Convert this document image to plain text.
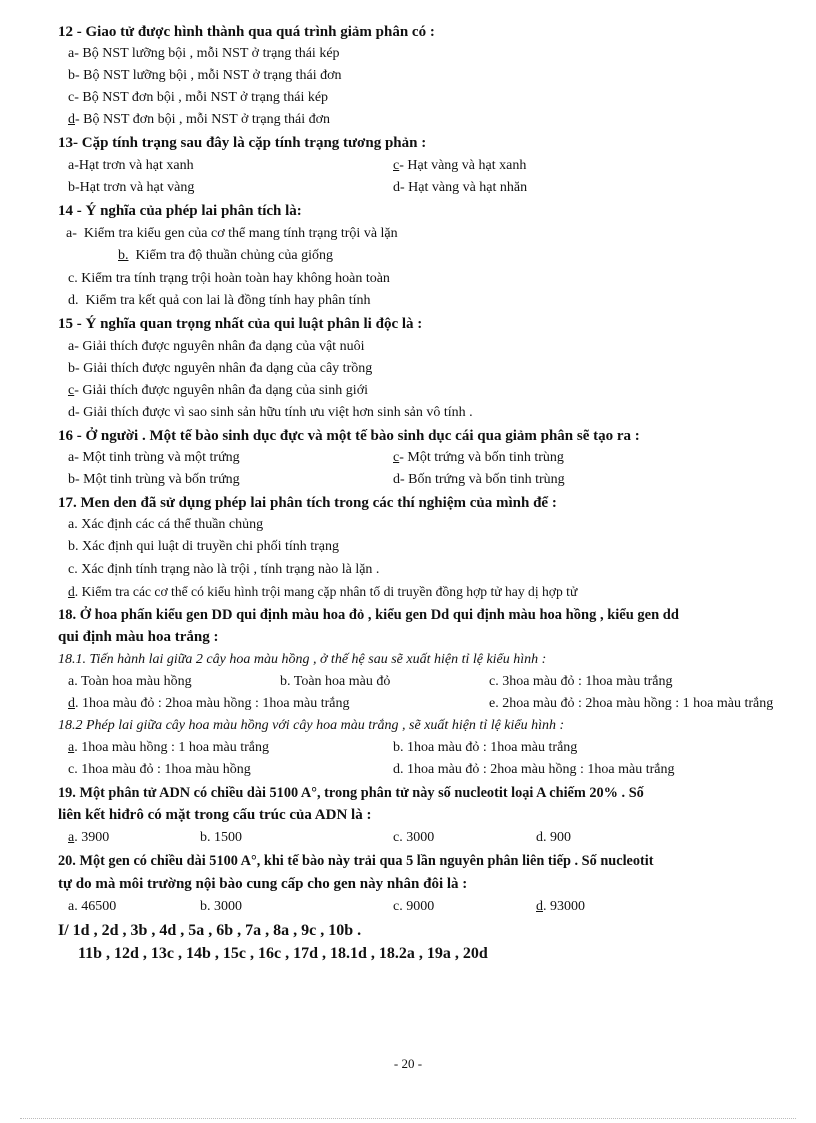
12 - Giao tử được hình thành qua quá trình giảm phân có :
a- Bộ NST lưỡng bội , mỗi NST ở trạng thái kép
b- Bộ NST lưỡng bội , mỗi NST ở trạng thái đơn
c- Bộ NST đơn bội , mỗi NST ở trạng thái kép
d- Bộ NST đơn bội , mỗi NST ở trạng thái đơn
13- Cặp tính trạng sau đây là cặp tính trạng tương phản :
a-Hạt trơn và hạt xanh	c- Hạt vàng và hạt xanh
b-Hạt trơn và hạt vàng	d- Hạt vàng và hạt nhăn
14 - Ý nghĩa của phép lai phân tích là:
a- Kiểm tra kiểu gen của cơ thể mang tính trạng trội và lặn
b. Kiểm tra độ thuần chủng của giống
c. Kiểm tra tính trạng trội hoàn toàn hay không hoàn toàn
d. Kiểm tra kết quả con lai là đồng tính hay phân tính
15 - Ý nghĩa quan trọng nhất của qui luật phân li độc là :
a- Giải thích được nguyên nhân đa dạng của vật nuôi
b- Giải thích được nguyên nhân đa dạng của cây trồng
c- Giải thích được nguyên nhân đa dạng của sinh giới
d- Giải thích được vì sao sinh sản hữu tính ưu việt hơn sinh sản vô tính .
16 - Ở người . Một tế bào sinh dục đực và một tế bào sinh dục cái qua giảm phân sẽ tạo ra :
a- Một tinh trùng và một trứng	c- Một trứng và bốn tinh trùng
b- Một tinh trùng và bốn trứng	d- Bốn trứng và bốn tinh trùng
17. Men den đã sử dụng phép lai phân tích trong các thí nghiệm của mình để :
a. Xác định các cá thể thuần chủng
b. Xác định qui luật di truyền chi phối tính trạng
c. Xác định tính trạng nào là trội , tính trạng nào là lặn .
d. Kiểm tra các cơ thể có kiểu hình trội mang cặp nhân tố di truyền đồng hợp tử hay dị hợp tử
18. Ở hoa phấn kiểu gen DD qui định màu hoa đỏ , kiểu gen Dd qui định màu hoa hồng , kiểu gen dd
qui định màu hoa trắng :
18.1. Tiến hành lai giữa 2 cây hoa màu hồng , ở thế hệ sau sẽ xuất hiện tỉ lệ kiểu hình :
a. Toàn hoa màu hồng	b. Toàn hoa màu đỏ	c. 3hoa màu đỏ : 1hoa màu trắng
d. 1hoa màu đỏ : 2hoa màu hồng : 1hoa màu trắng	e. 2hoa màu đỏ : 2hoa màu hồng : 1 hoa màu trắng
18.2 Phép lai giữa cây hoa màu hồng với cây hoa màu trắng , sẽ xuất hiện tỉ lệ kiểu hình :
a. 1hoa màu hồng : 1 hoa màu trắng	b. 1hoa màu đỏ : 1hoa màu trắng
c. 1hoa màu đỏ : 1hoa màu hồng	d. 1hoa màu đỏ : 2hoa màu hồng : 1hoa màu trắng
19. Một phân tử ADN có chiều dài 5100 A°, trong phân tử này số nucleotit loại A chiếm 20% . Số
liên kết hiđrô có mặt trong cấu trúc của ADN là :
a. 3900	b. 1500	c. 3000	d. 900
20. Một gen có chiều dài 5100 A°, khi tế bào này trải qua 5 lần nguyên phân liên tiếp . Số nucleotit
tự do mà môi trường nội bào cung cấp cho gen này nhân đôi là :
a. 46500	b. 3000	c. 9000	d. 93000
I/ 1d , 2d , 3b , 4d , 5a , 6b , 7a , 8a , 9c , 10b .
11b , 12d , 13c , 14b , 15c , 16c , 17d , 18.1d , 18.2a , 19a , 20d
- 20 -
